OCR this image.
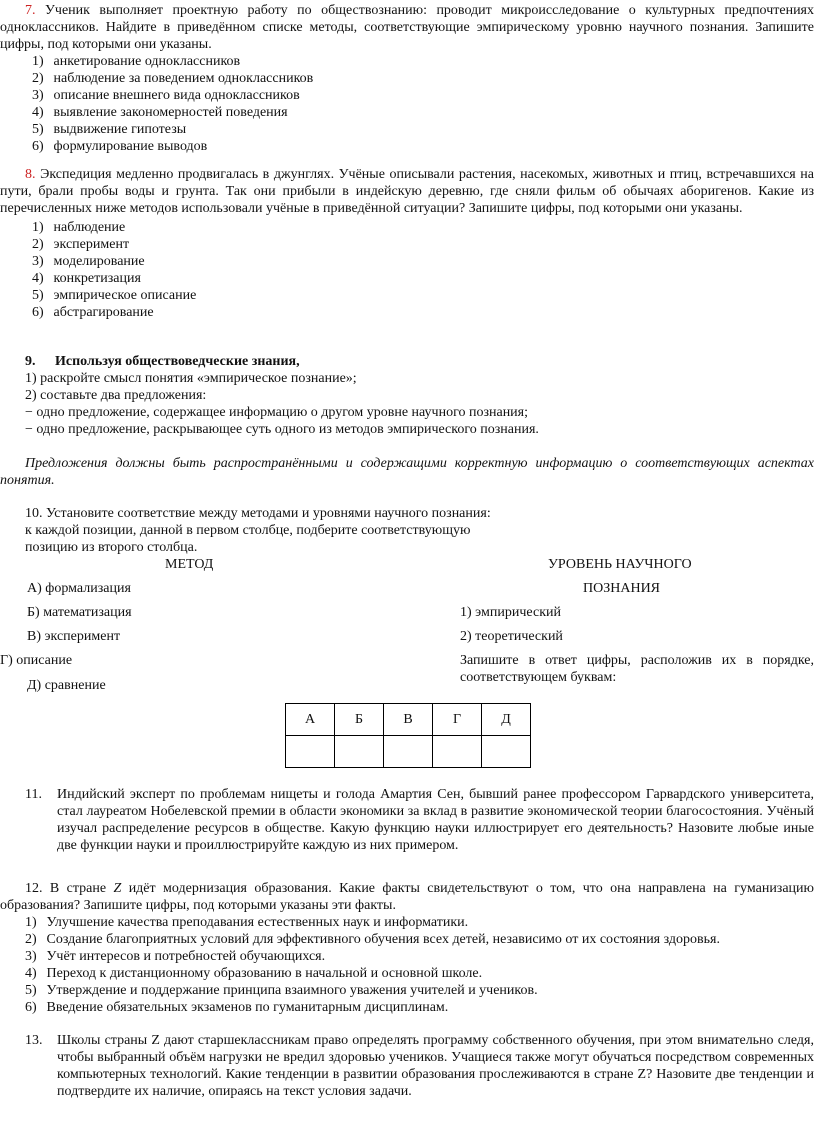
7. Ученик выполняет проектную работу по обществознанию: проводит микроисследование о культурных предпочтениях одноклассников. Найдите в приведённом списке методы, соответствующие эмпирическому уровню научного познания. Запишите цифры, под которыми они указаны.
1) анкетирование одноклассников
2) наблюдение за поведением одноклассников
3) описание внешнего вида одноклассников
4) выявление закономерностей поведения
5) выдвижение гипотезы
6) формулирование выводов
8. Экспедиция медленно продвигалась в джунглях. Учёные описывали растения, насекомых, животных и птиц, встречавшихся на пути, брали пробы воды и грунта. Так они прибыли в индейскую деревню, где сняли фильм об обычаях аборигенов. Какие из перечисленных ниже методов использовали учёные в приведённой ситуации? Запишите цифры, под которыми они указаны.
1) наблюдение
2) эксперимент
3) моделирование
4) конкретизация
5) эмпирическое описание
6) абстрагирование
9. Используя обществоведческие знания,
1) раскройте смысл понятия «эмпирическое познание»;
2) составьте два предложения:
− одно предложение, содержащее информацию о другом уровне научного познания;
− одно предложение, раскрывающее суть одного из методов эмпирического познания.
Предложения должны быть распространёнными и содержащими корректную информацию о соответствующих аспектах понятия.
10. Установите соответствие между методами и уровнями научного познания:
к каждой позиции, данной в первом столбце, подберите соответствующую
позицию из второго столбца.
МЕТОД	УРОВЕНЬ НАУЧНОГО
ПОЗНАНИЯ
А) формализация
Б) математизация
В) эксперимент
Г) описание
Д) сравнение
1) эмпирический
2) теоретический
Запишите в ответ цифры, расположив их в порядке, соответствующем буквам:
А	Б	В	Г	Д

11. Индийский эксперт по проблемам нищеты и голода Амартия Сен, бывший ранее профессором Гарвардского университета, стал лауреатом Нобелевской премии в области экономики за вклад в развитие экономической теории благосостояния. Учёный изучал распределение ресурсов в обществе. Какую функцию науки иллюстрирует его деятельность? Назовите любые иные две функции науки и проиллюстрируйте каждую из них примером.
12. В стране Z идёт модернизация образования. Какие факты свидетельствуют о том, что она направлена на гуманизацию образования? Запишите цифры, под которыми указаны эти факты.
1) Улучшение качества преподавания естественных наук и информатики.
2) Создание благоприятных условий для эффективного обучения всех детей, независимо от их состояния здоровья.
3) Учёт интересов и потребностей обучающихся.
4) Переход к дистанционному образованию в начальной и основной школе.
5) Утверждение и поддержание принципа взаимного уважения учителей и учеников.
6) Введение обязательных экзаменов по гуманитарным дисциплинам.
13. Школы страны Z дают старшеклассникам право определять программу собственного обучения, при этом внимательно следя, чтобы выбранный объём нагрузки не вредил здоровью учеников. Учащиеся также могут обучаться посредством современных компьютерных технологий. Какие тенденции в развитии образования прослеживаются в стране Z? Назовите две тенденции и подтвердите их наличие, опираясь на текст условия задачи.
